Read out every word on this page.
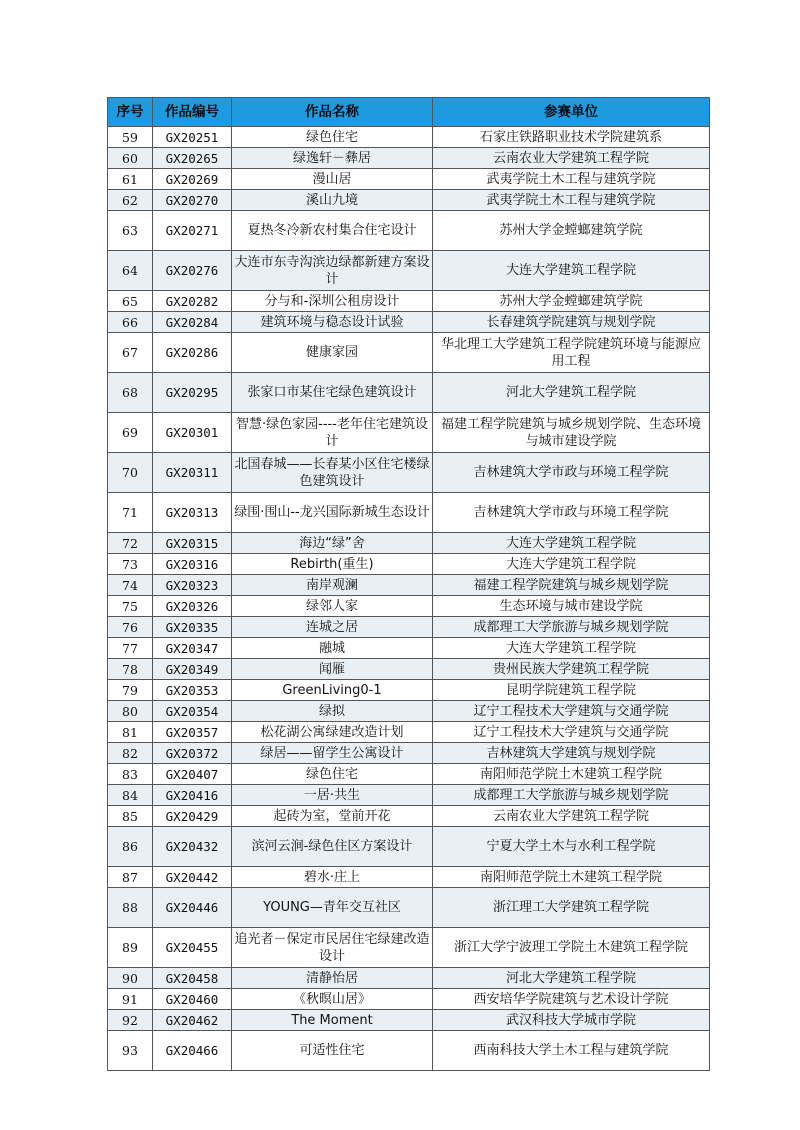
序号	作品编号	作品名称	参赛单位
59	GX20251	绿色住宅	石家庄铁路职业技术学院建筑系
60	GX20265	绿逸轩－彝居	云南农业大学建筑工程学院
61	GX20269	漫山居	武夷学院土木工程与建筑学院
62	GX20270	溪山九境	武夷学院土木工程与建筑学院
63	GX20271	夏热冬冷新农村集合住宅设计	苏州大学金螳螂建筑学院
64	GX20276	大连市东寺沟滨边绿都新建方案设计	大连大学建筑工程学院
65	GX20282	分与和-深圳公租房设计	苏州大学金螳螂建筑学院
66	GX20284	建筑环境与稳态设计试验	长春建筑学院建筑与规划学院
67	GX20286	健康家园	华北理工大学建筑工程学院建筑环境与能源应用工程
68	GX20295	张家口市某住宅绿色建筑设计	河北大学建筑工程学院
69	GX20301	智慧·绿色家园----老年住宅建筑设计	福建工程学院建筑与城乡规划学院、生态环境与城市建设学院
70	GX20311	北国春城——长春某小区住宅楼绿色建筑设计	吉林建筑大学市政与环境工程学院
71	GX20313	绿围·围山--龙兴国际新城生态设计	吉林建筑大学市政与环境工程学院
72	GX20315	海边“绿”舍	大连大学建筑工程学院
73	GX20316	Rebirth(重生)	大连大学建筑工程学院
74	GX20323	南岸观澜	福建工程学院建筑与城乡规划学院
75	GX20326	绿邻人家	生态环境与城市建设学院
76	GX20335	连城之居	成都理工大学旅游与城乡规划学院
77	GX20347	融城	大连大学建筑工程学院
78	GX20349	闻雁	贵州民族大学建筑工程学院
79	GX20353	GreenLiving0-1	昆明学院建筑工程学院
80	GX20354	绿拟	辽宁工程技术大学建筑与交通学院
81	GX20357	松花湖公寓绿建改造计划	辽宁工程技术大学建筑与交通学院
82	GX20372	绿居——留学生公寓设计	吉林建筑大学建筑与规划学院
83	GX20407	绿色住宅	南阳师范学院土木建筑工程学院
84	GX20416	一居·共生	成都理工大学旅游与城乡规划学院
85	GX20429	起砖为室，堂前开花	云南农业大学建筑工程学院
86	GX20432	滨河云涧-绿色住区方案设计	宁夏大学土木与水利工程学院
87	GX20442	碧水·庄上	南阳师范学院土木建筑工程学院
88	GX20446	YOUNG—青年交互社区	浙江理工大学建筑工程学院
89	GX20455	追光者－保定市民居住宅绿建改造设计	浙江大学宁波理工学院土木建筑工程学院
90	GX20458	清静怡居	河北大学建筑工程学院
91	GX20460	《秋暝山居》	西安培华学院建筑与艺术设计学院
92	GX20462	The Moment	武汉科技大学城市学院
93	GX20466	可适性住宅	西南科技大学土木工程与建筑学院
